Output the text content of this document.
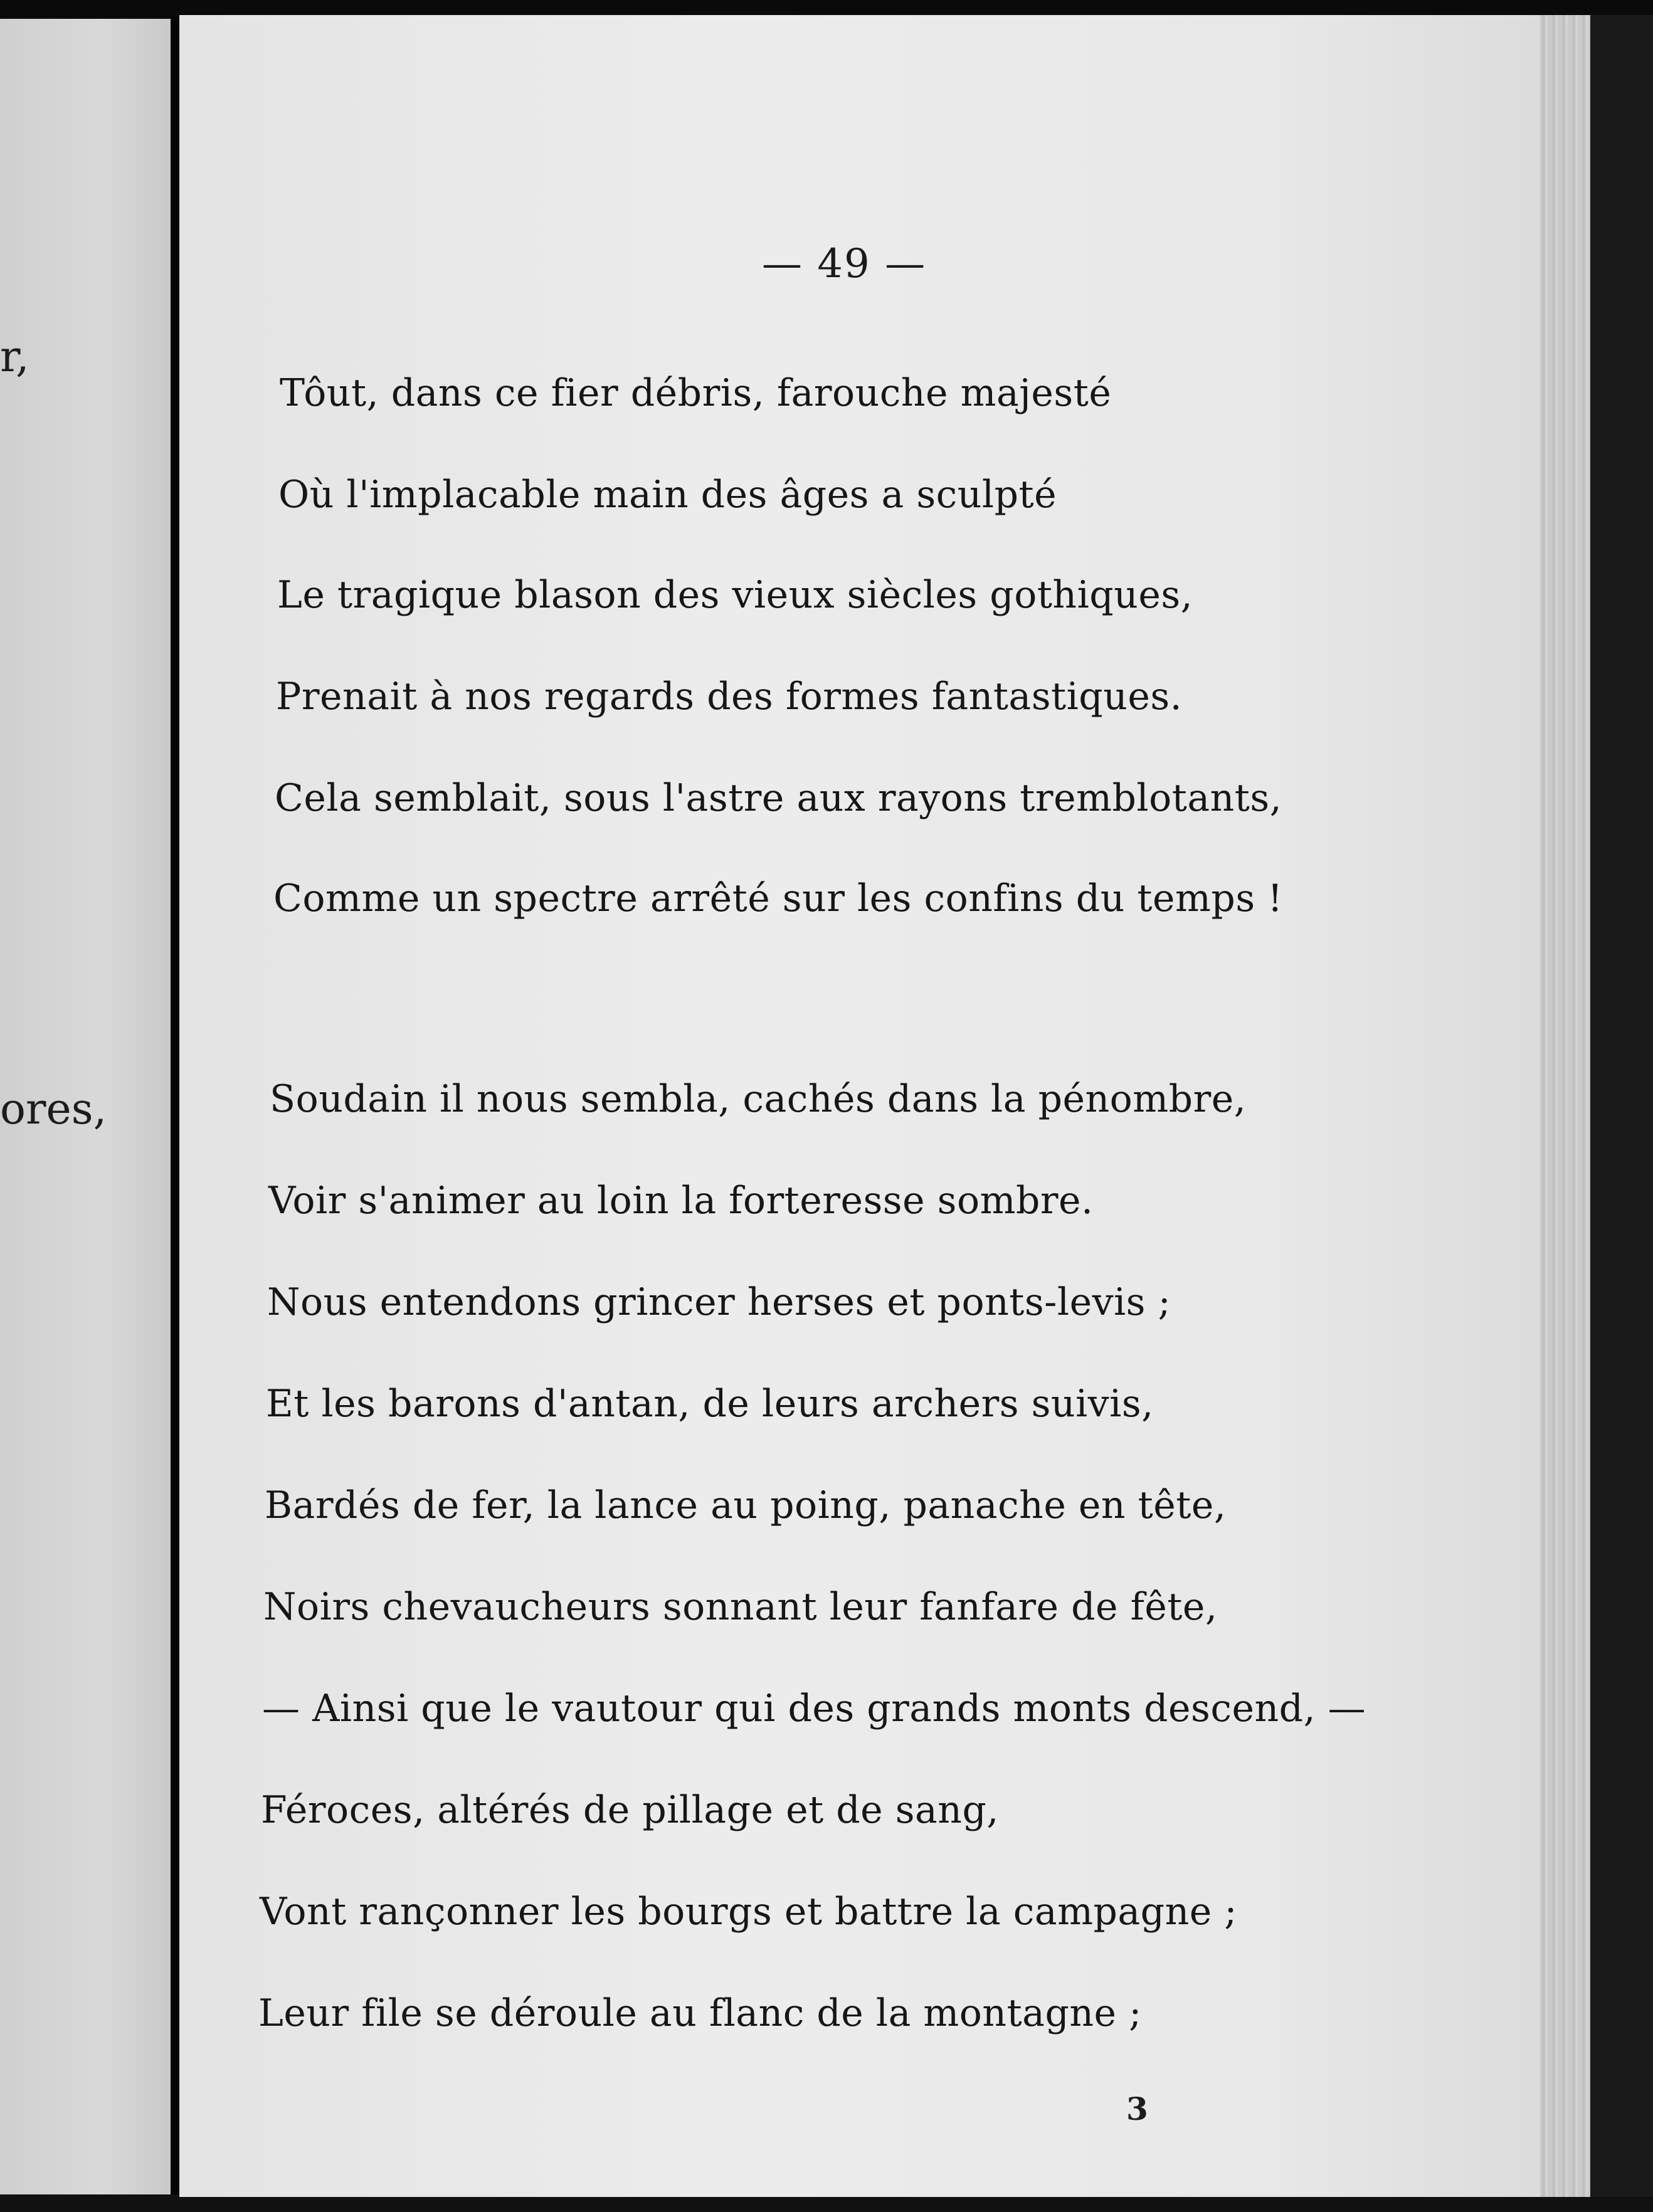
r,
ores,
— 49 —
Tôut, dans ce fier débris, farouche majesté
Où l'implacable main des âges a sculpté
Le tragique blason des vieux siècles gothiques,
Prenait à nos regards des formes fantastiques.
Cela semblait, sous l'astre aux rayons tremblotants,
Comme un spectre arrêté sur les confins du temps !
Soudain il nous sembla, cachés dans la pénombre,
Voir s'animer au loin la forteresse sombre.
Nous entendons grincer herses et ponts-levis ;
Et les barons d'antan, de leurs archers suivis,
Bardés de fer, la lance au poing, panache en tête,
Noirs chevaucheurs sonnant leur fanfare de fête,
— Ainsi que le vautour qui des grands monts descend, —
Féroces, altérés de pillage et de sang,
Vont rançonner les bourgs et battre la campagne ;
Leur file se déroule au flanc de la montagne ;
3
